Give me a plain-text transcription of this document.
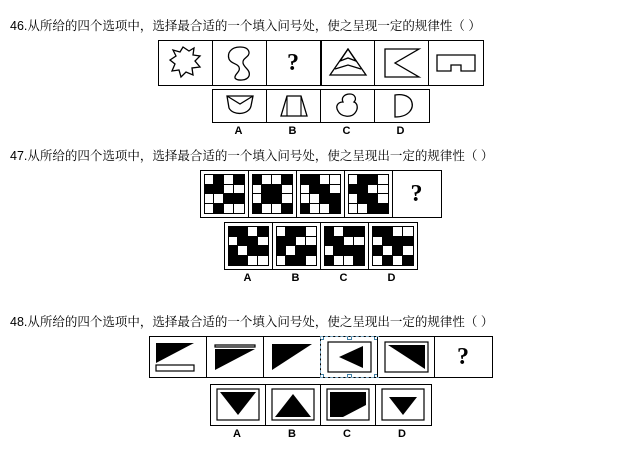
46.从所给的四个选项中，选择最合适的一个填入问号处，使之呈现一定的规律性（ ）
?
A	B	C	D
47.从所给的四个选项中，选择最合适的一个填入问号处，使之呈现出一定的规律性（ ）
?
A	B	C	D
48.从所给的四个选项中，选择最合适的一个填入问号处，使之呈现出一定的规律性（ ）
?
A	B	C	D
